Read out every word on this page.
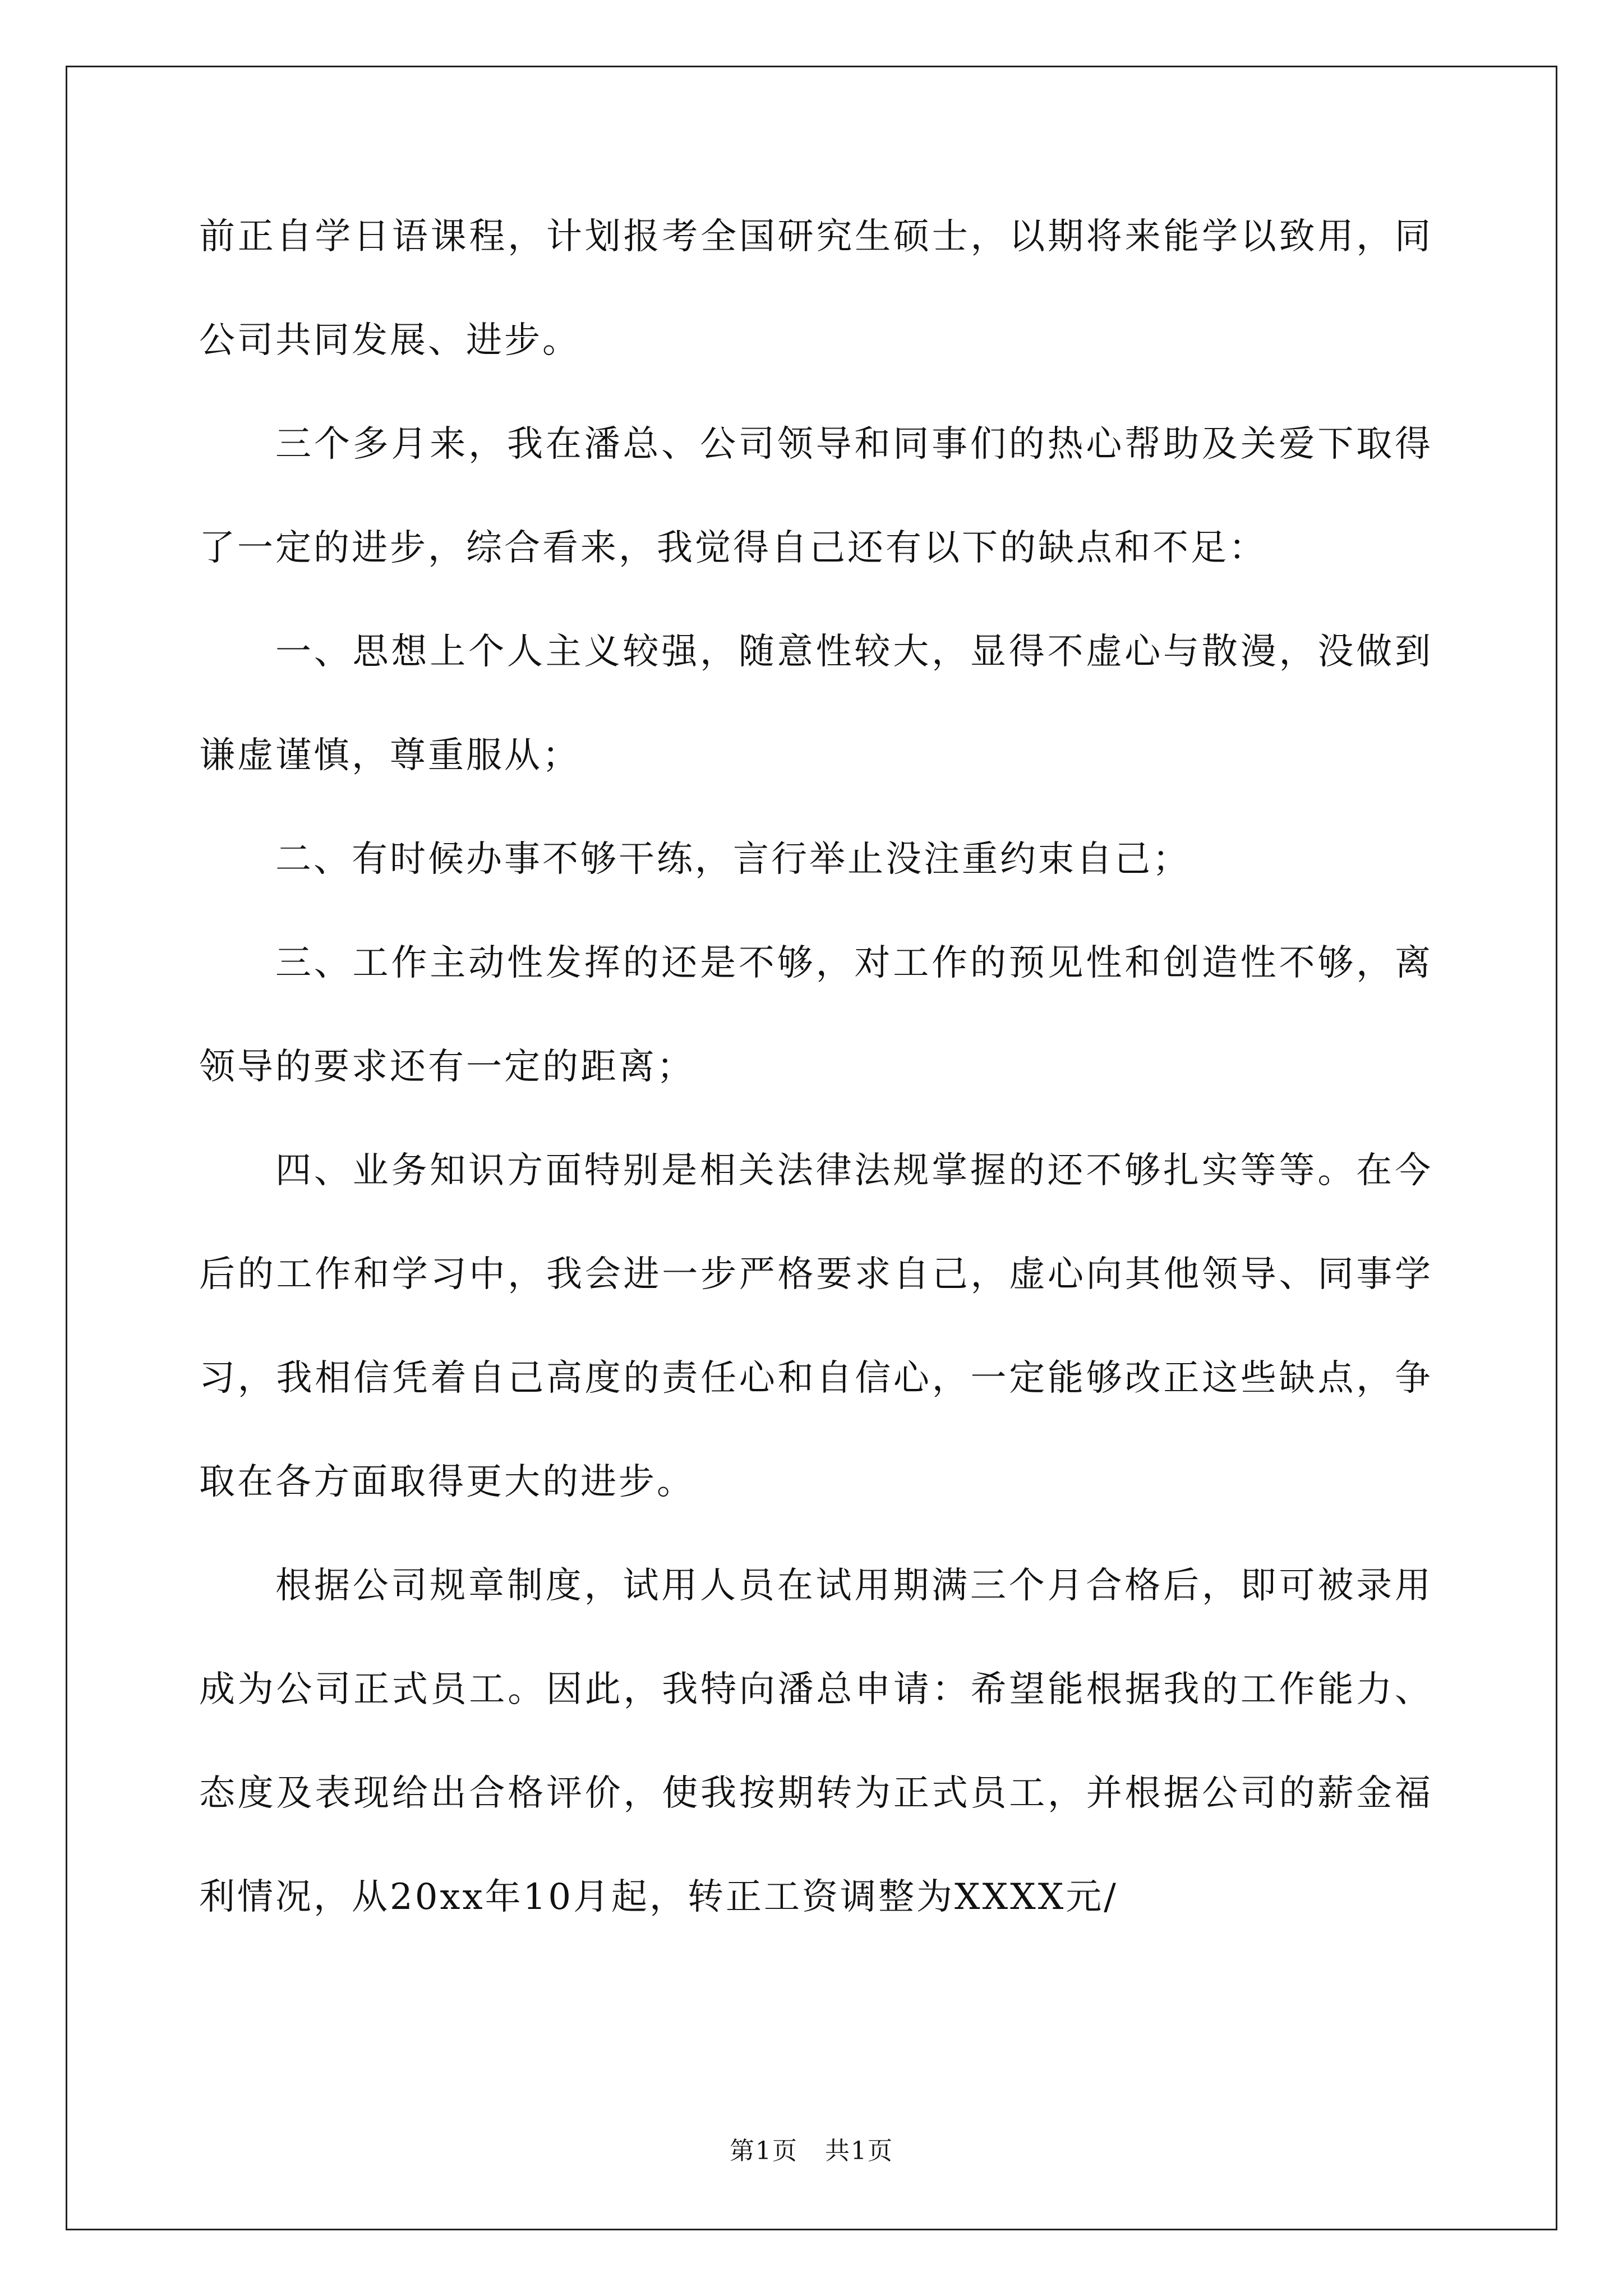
前正自学日语课程，计划报考全国研究生硕士，以期将来能学以致用，同公司共同发展、进步。

三个多月来，我在潘总、公司领导和同事们的热心帮助及关爱下取得了一定的进步，综合看来，我觉得自己还有以下的缺点和不足：

一、思想上个人主义较强，随意性较大，显得不虚心与散漫，没做到谦虚谨慎，尊重服从；

二、有时候办事不够干练，言行举止没注重约束自己；

三、工作主动性发挥的还是不够，对工作的预见性和创造性不够，离领导的要求还有一定的距离；

四、业务知识方面特别是相关法律法规掌握的还不够扎实等等。在今后的工作和学习中，我会进一步严格要求自己，虚心向其他领导、同事学习，我相信凭着自己高度的责任心和自信心，一定能够改正这些缺点，争取在各方面取得更大的进步。

根据公司规章制度，试用人员在试用期满三个月合格后，即可被录用成为公司正式员工。因此，我特向潘总申请：希望能根据我的工作能力、态度及表现给出合格评价，使我按期转为正式员工，并根据公司的薪金福利情况，从20xx年10月起，转正工资调整为XXXX元/

第1页 共1页
